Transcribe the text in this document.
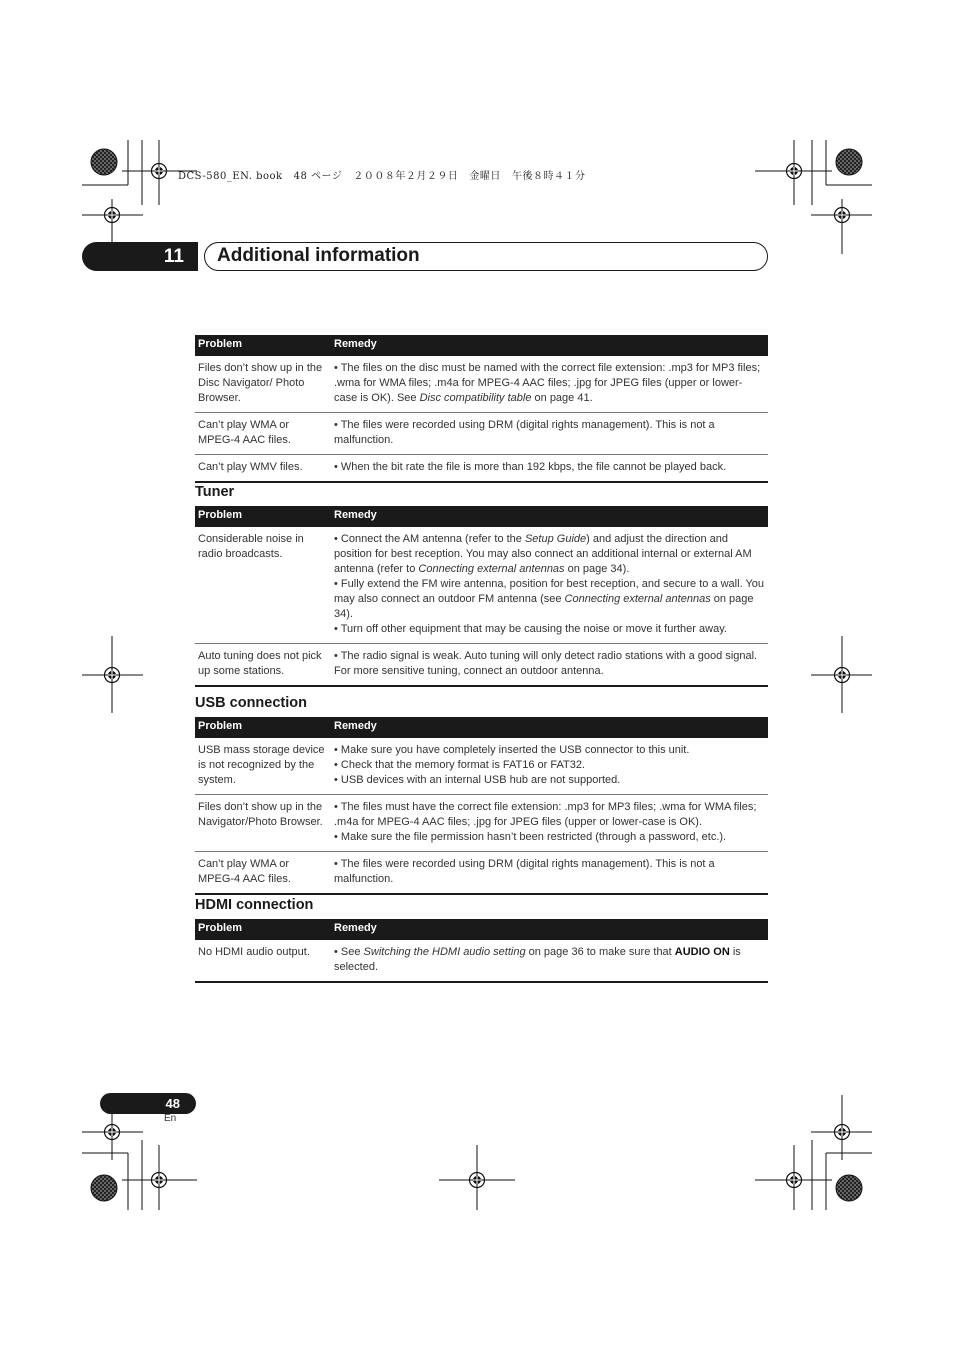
DCS-580_EN. book   48 ページ   ２００８年２月２９日   金曜日   午後８時４１分
11	Additional information
Problem	Remedy
Files don’t show up in the Disc Navigator/ Photo Browser.	• The files on the disc must be named with the correct file extension: .mp3 for MP3 files; .wma for WMA files; .m4a for MPEG-4 AAC files; .jpg for JPEG files (upper or lower-case is OK). See Disc compatibility table on page 41.

Can’t play WMA or MPEG-4 AAC files.	• The files were recorded using DRM (digital rights management). This is not a malfunction.

Can’t play WMV files.	• When the bit rate the file is more than 192 kbps, the file cannot be played back.
Tuner
Problem	Remedy
Considerable noise in radio broadcasts.	• Connect the AM antenna (refer to the Setup Guide) and adjust the direction and position for best reception. You may also connect an additional internal or external AM antenna (refer to Connecting external antennas on page 34).
• Fully extend the FM wire antenna, position for best reception, and secure to a wall. You may also connect an outdoor FM antenna (see Connecting external antennas on page 34).
• Turn off other equipment that may be causing the noise or move it further away.

Auto tuning does not pick up some stations.	• The radio signal is weak. Auto tuning will only detect radio stations with a good signal. For more sensitive tuning, connect an outdoor antenna.
USB connection
Problem	Remedy
USB mass storage device is not recognized by the system.	• Make sure you have completely inserted the USB connector to this unit.
• Check that the memory format is FAT16 or FAT32.
• USB devices with an internal USB hub are not supported.

Files don’t show up in the Navigator/Photo Browser.	• The files must have the correct file extension: .mp3 for MP3 files; .wma for WMA files; .m4a for MPEG-4 AAC files; .jpg for JPEG files (upper or lower-case is OK).
• Make sure the file permission hasn’t been restricted (through a password, etc.).

Can’t play WMA or MPEG-4 AAC files.	• The files were recorded using DRM (digital rights management). This is not a malfunction.
HDMI connection
Problem	Remedy
No HDMI audio output.	• See Switching the HDMI audio setting on page 36 to make sure that AUDIO ON is selected.
48
En
